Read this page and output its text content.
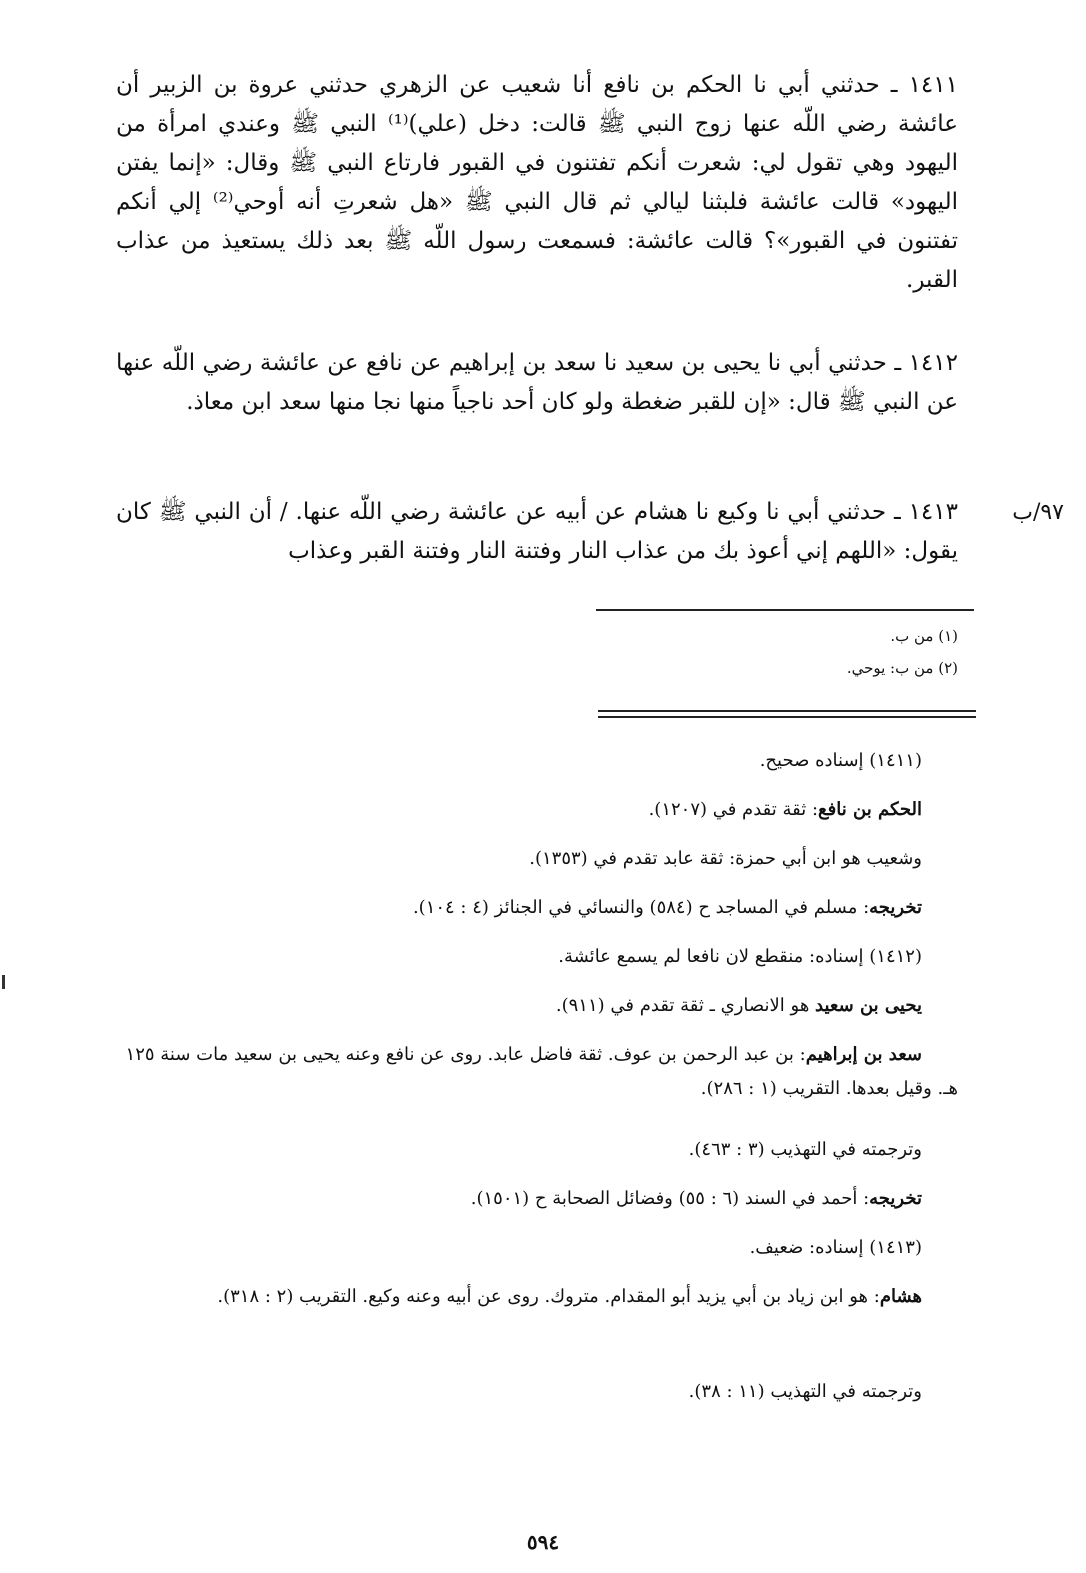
١٤١١ ـ حدثني أبي نا الحكم بن نافع أنا شعيب عن الزهري حدثني عروة بن الزبير أن عائشة رضي اللّه عنها زوج النبي ﷺ قالت: دخل (علي)⁽¹⁾ النبي ﷺ وعندي امرأة من اليهود وهي تقول لي: شعرت أنكم تفتنون في القبور فارتاع النبي ﷺ وقال: «إنما يفتن اليهود» قالت عائشة فلبثنا ليالي ثم قال النبي ﷺ «هل شعرتِ أنه أوحي⁽²⁾ إلي أنكم تفتنون في القبور»؟ قالت عائشة: فسمعت رسول اللّه ﷺ بعد ذلك يستعيذ من عذاب القبر.
١٤١٢ ـ حدثني أبي نا يحيى بن سعيد نا سعد بن إبراهيم عن نافع عن عائشة رضي اللّه عنها عن النبي ﷺ قال: «إن للقبر ضغطة ولو كان أحد ناجياً منها نجا منها سعد ابن معاذ.
١٤١٣ ـ حدثني أبي نا وكيع نا هشام عن أبيه عن عائشة رضي اللّه عنها. / أن النبي ﷺ كان يقول: «اللهم إني أعوذ بك من عذاب النار وفتنة النار وفتنة القبر وعذاب
٩٧/ب
(١) من ب.
(٢) من ب: يوحي.
(١٤١١) إسناده صحيح.
الحكم بن نافع: ثقة تقدم في (١٢٠٧).
وشعيب هو ابن أبي حمزة: ثقة عابد تقدم في (١٣٥٣).
تخريجه: مسلم في المساجد ح (٥٨٤) والنسائي في الجنائز (٤ : ١٠٤).
(١٤١٢) إسناده: منقطع لان نافعا لم يسمع عائشة.
يحيى بن سعيد هو الانصاري ـ ثقة تقدم في (٩١١).
سعد بن إبراهيم: بن عبد الرحمن بن عوف. ثقة فاضل عابد. روى عن نافع وعنه يحيى بن سعيد مات سنة ١٢٥ هـ. وقيل بعدها. التقريب (١ : ٢٨٦).
وترجمته في التهذيب (٣ : ٤٦٣).
تخريجه: أحمد في السند (٦ : ٥٥) وفضائل الصحابة ح (١٥٠١).
(١٤١٣) إسناده: ضعيف.
هشام: هو ابن زياد بن أبي يزيد أبو المقدام. متروك. روى عن أبيه وعنه وكيع. التقريب (٢ : ٣١٨).
وترجمته في التهذيب (١١ : ٣٨).
٥٩٤
